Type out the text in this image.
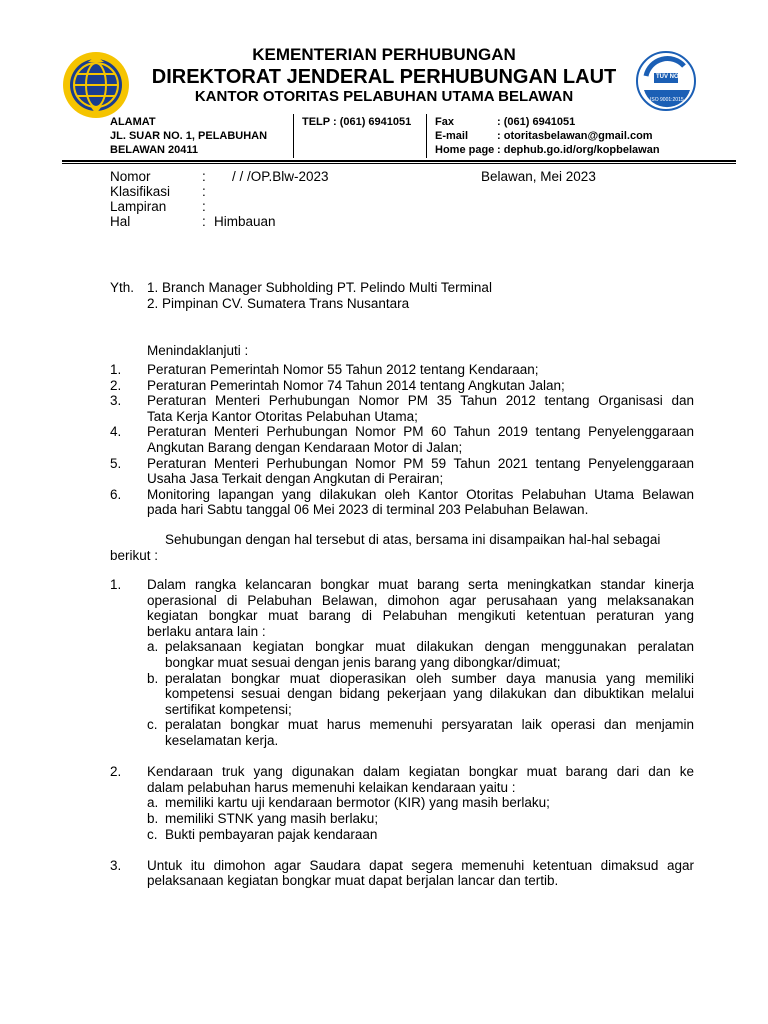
TÜV NORD
ISO 9001:2015
KEMENTERIAN PERHUBUNGAN
DIREKTORAT JENDERAL PERHUBUNGAN LAUT
KANTOR OTORITAS PELABUHAN UTAMA BELAWAN
ALAMAT
JL. SUAR NO. 1, PELABUHAN
BELAWAN 20411
TELP : (061) 6941051 Fax	: (061) 6941051
E-mail	: otoritasbelawan@gmail.com
Home page : dephub.go.id/org/kopbelawan
Nomor	: / / /OP.Blw-2023	Belawan, Mei 2023
Klasifikasi :
Lampiran	:
Hal	: Himbauan
Yth. 1. Branch Manager Subholding PT. Pelindo Multi Terminal
2. Pimpinan CV. Sumatera Trans Nusantara
Menindaklanjuti :
1.	Peraturan Pemerintah Nomor 55 Tahun 2012 tentang Kendaraan;
2.	Peraturan Pemerintah Nomor 74 Tahun 2014 tentang Angkutan Jalan;
3.	Peraturan Menteri Perhubungan Nomor PM 35 Tahun 2012 tentang Organisasi dan
Tata Kerja Kantor Otoritas Pelabuhan Utama;
4.	Peraturan Menteri Perhubungan Nomor PM 60 Tahun 2019 tentang Penyelenggaraan
Angkutan Barang dengan Kendaraan Motor di Jalan;
5.	Peraturan Menteri Perhubungan Nomor PM 59 Tahun 2021 tentang Penyelenggaraan
Usaha Jasa Terkait dengan Angkutan di Perairan;
6.	Monitoring lapangan yang dilakukan oleh Kantor Otoritas Pelabuhan Utama Belawan
pada hari Sabtu tanggal 06 Mei 2023 di terminal 203 Pelabuhan Belawan.
Sehubungan dengan hal tersebut di atas, bersama ini disampaikan hal-hal sebagai
berikut :
1.	Dalam rangka kelancaran bongkar muat barang serta meningkatkan standar kinerja
operasional di Pelabuhan Belawan, dimohon agar perusahaan yang melaksanakan
kegiatan bongkar muat barang di Pelabuhan mengikuti ketentuan peraturan yang
berlaku antara lain :
a. pelaksanaan kegiatan bongkar muat dilakukan dengan menggunakan peralatan
bongkar muat sesuai dengan jenis barang yang dibongkar/dimuat;
b. peralatan bongkar muat dioperasikan oleh sumber daya manusia yang memiliki
kompetensi sesuai dengan bidang pekerjaan yang dilakukan dan dibuktikan melalui
sertifikat kompetensi;
c. peralatan bongkar muat harus memenuhi persyaratan laik operasi dan menjamin
keselamatan kerja.
2.	Kendaraan truk yang digunakan dalam kegiatan bongkar muat barang dari dan ke
dalam pelabuhan harus memenuhi kelaikan kendaraan yaitu :
a. memiliki kartu uji kendaraan bermotor (KIR) yang masih berlaku;
b. memiliki STNK yang masih berlaku;
c. Bukti pembayaran pajak kendaraan
3.	Untuk itu dimohon agar Saudara dapat segera memenuhi ketentuan dimaksud agar
pelaksanaan kegiatan bongkar muat dapat berjalan lancar dan tertib.
